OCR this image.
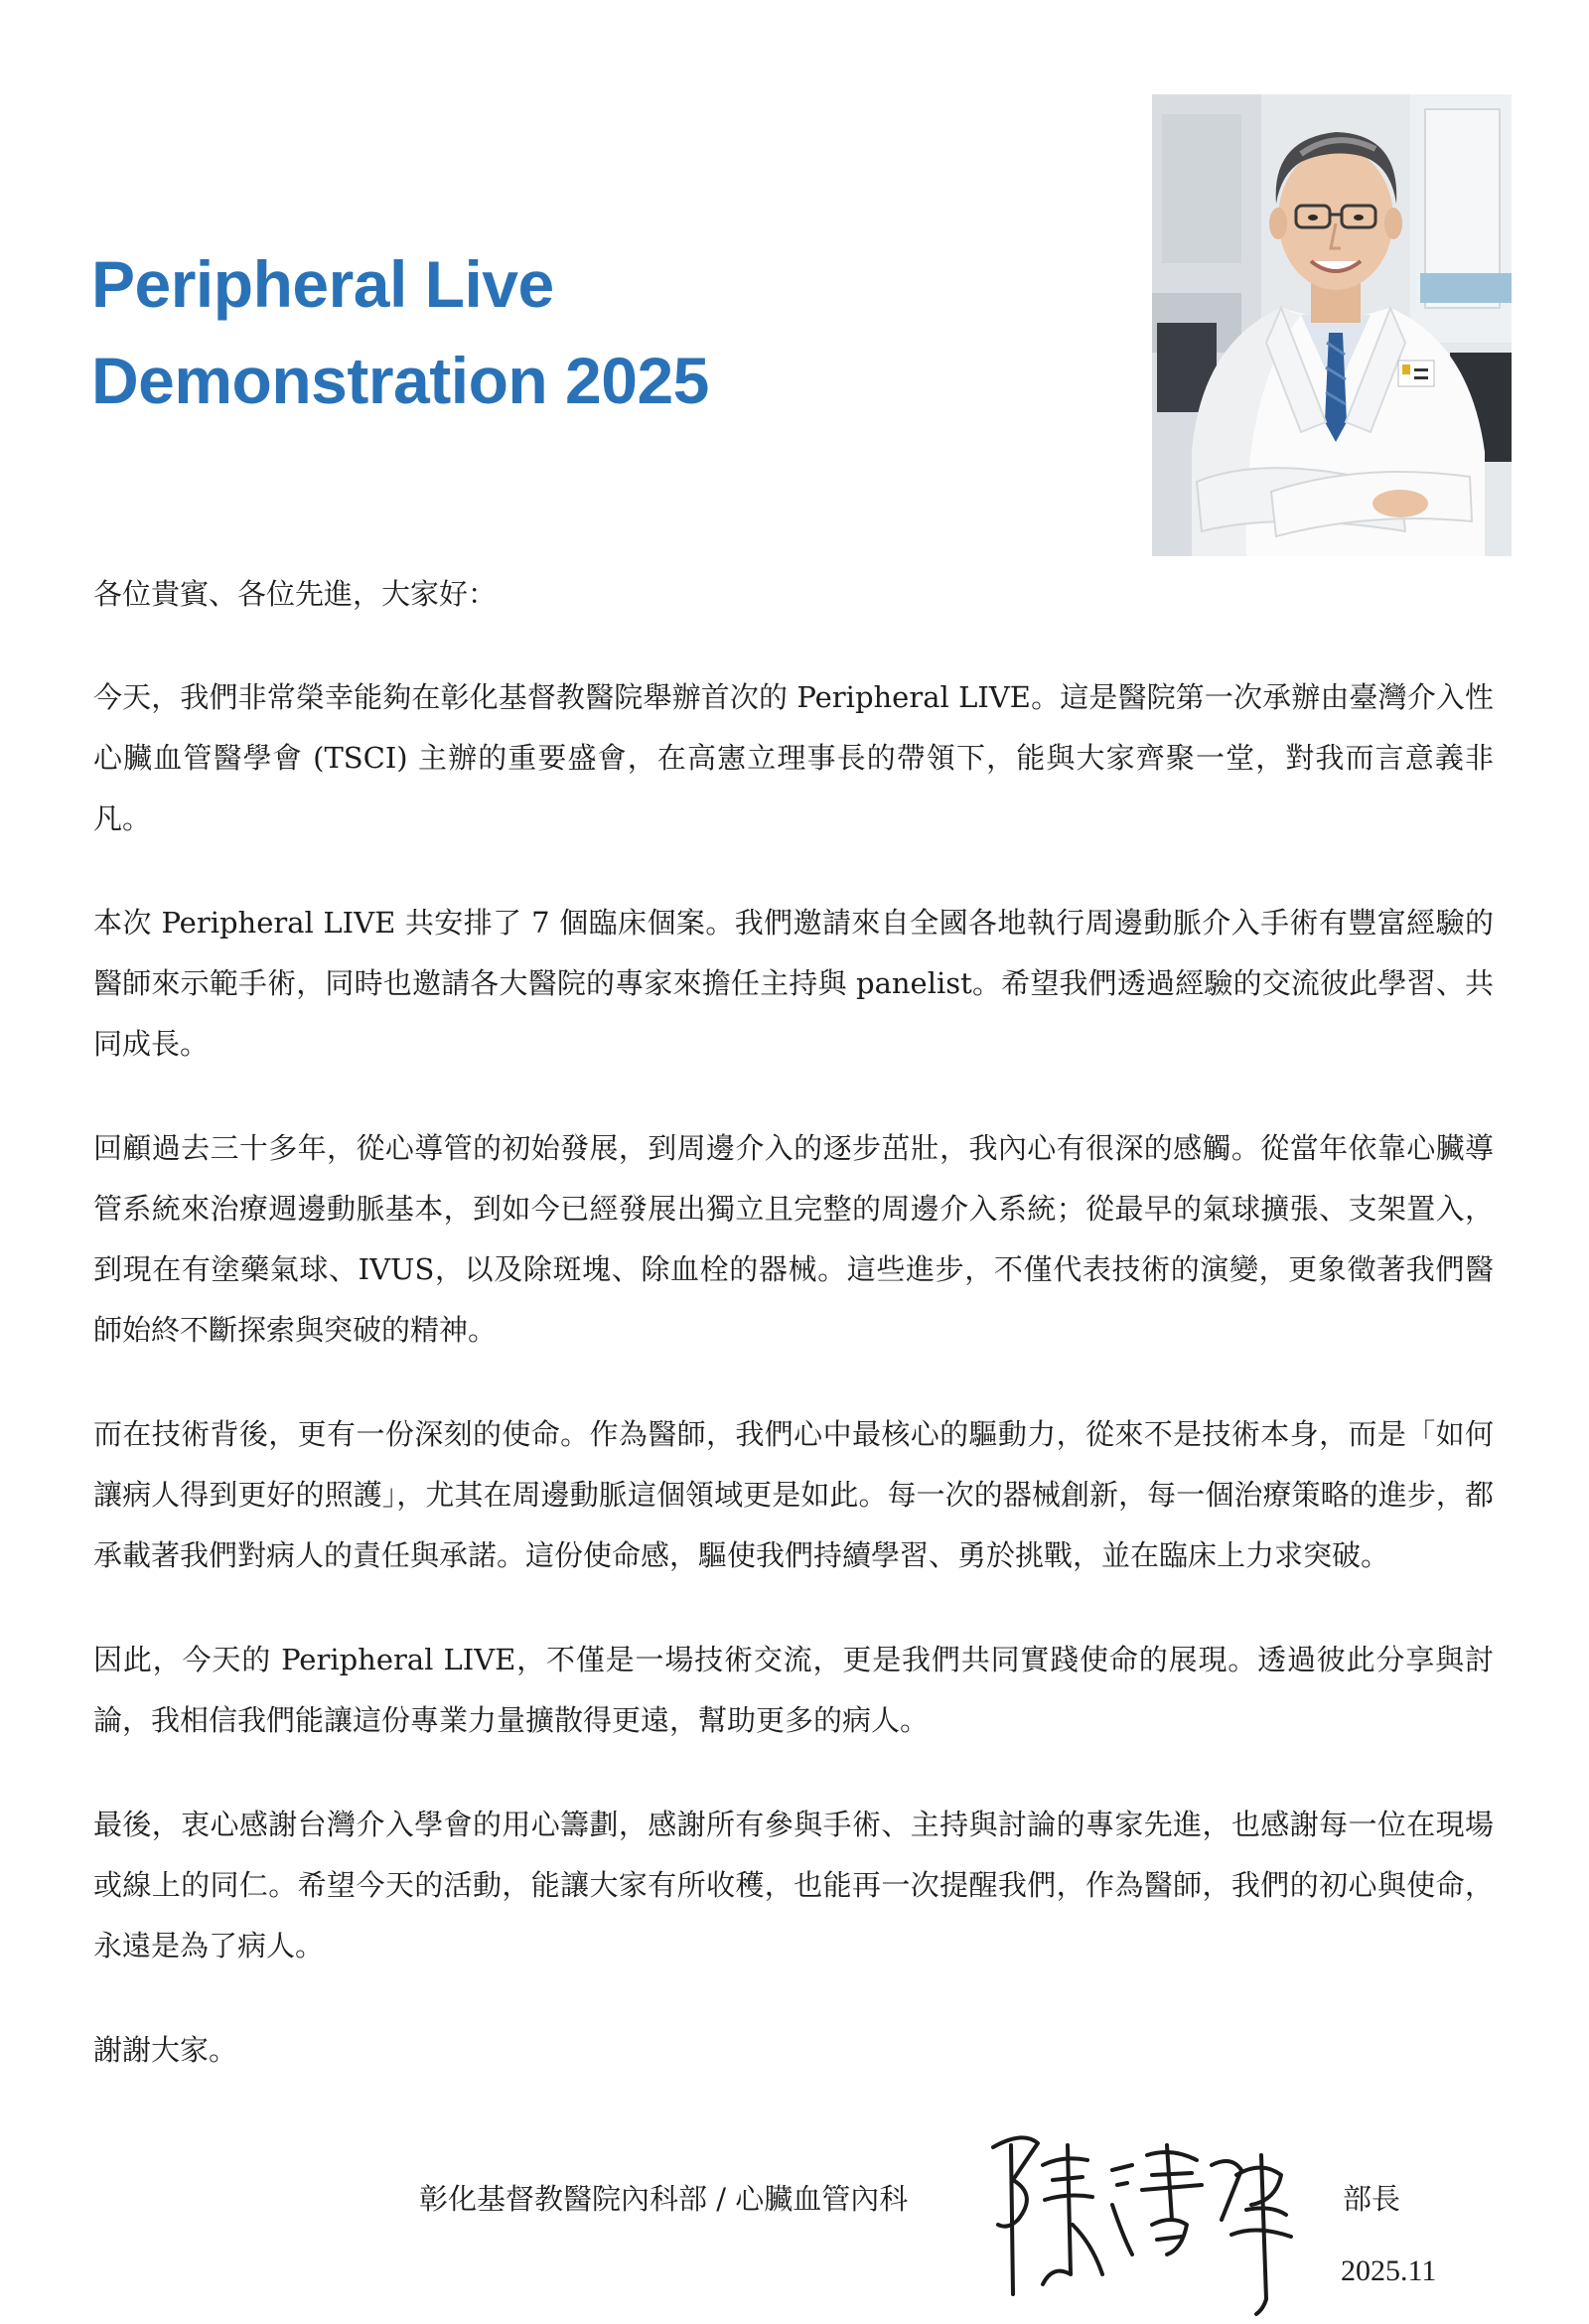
Peripheral Live
Demonstration 2025

各位貴賓、各位先進，大家好：

今天，我們非常榮幸能夠在彰化基督教醫院舉辦首次的 Peripheral LIVE。這是醫院第一次承辦由臺灣介入性心臟血管醫學會 (TSCI) 主辦的重要盛會，在高憲立理事長的帶領下，能與大家齊聚一堂，對我而言意義非凡。

本次 Peripheral LIVE 共安排了 7 個臨床個案。我們邀請來自全國各地執行周邊動脈介入手術有豐富經驗的醫師來示範手術，同時也邀請各大醫院的專家來擔任主持與 panelist。希望我們透過經驗的交流彼此學習、共同成長。

回顧過去三十多年，從心導管的初始發展，到周邊介入的逐步茁壯，我內心有很深的感觸。從當年依靠心臟導管系統來治療週邊動脈基本，到如今已經發展出獨立且完整的周邊介入系統；從最早的氣球擴張、支架置入，到現在有塗藥氣球、IVUS，以及除斑塊、除血栓的器械。這些進步，不僅代表技術的演變，更象徵著我們醫師始終不斷探索與突破的精神。

而在技術背後，更有一份深刻的使命。作為醫師，我們心中最核心的驅動力，從來不是技術本身，而是「如何讓病人得到更好的照護」，尤其在周邊動脈這個領域更是如此。每一次的器械創新，每一個治療策略的進步，都承載著我們對病人的責任與承諾。這份使命感，驅使我們持續學習、勇於挑戰，並在臨床上力求突破。

因此，今天的 Peripheral LIVE，不僅是一場技術交流，更是我們共同實踐使命的展現。透過彼此分享與討論，我相信我們能讓這份專業力量擴散得更遠，幫助更多的病人。

最後，衷心感謝台灣介入學會的用心籌劃，感謝所有參與手術、主持與討論的專家先進，也感謝每一位在現場或線上的同仁。希望今天的活動，能讓大家有所收穫，也能再一次提醒我們，作為醫師，我們的初心與使命，永遠是為了病人。

謝謝大家。

彰化基督教醫院內科部 / 心臟血管內科	部長
2025.11
